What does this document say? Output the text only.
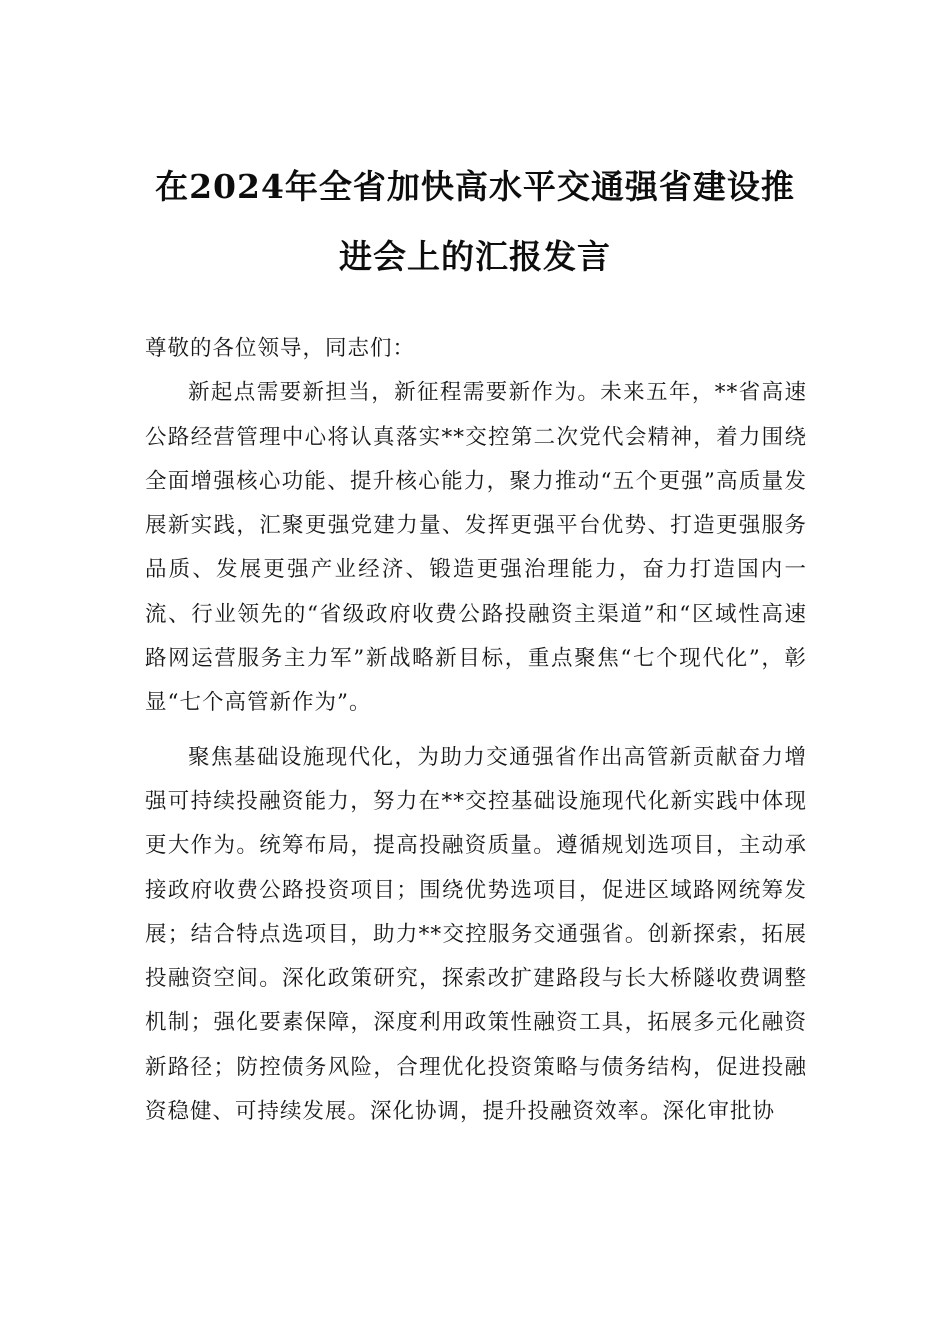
在2024年全省加快高水平交通强省建设推进会上的汇报发言

尊敬的各位领导，同志们：

新起点需要新担当，新征程需要新作为。未来五年，**省高速公路经营管理中心将认真落实**交控第二次党代会精神，着力围绕全面增强核心功能、提升核心能力，聚力推动“五个更强”高质量发展新实践，汇聚更强党建力量、发挥更强平台优势、打造更强服务品质、发展更强产业经济、锻造更强治理能力，奋力打造国内一流、行业领先的“省级政府收费公路投融资主渠道”和“区域性高速路网运营服务主力军”新战略新目标，重点聚焦“七个现代化”，彰显“七个高管新作为”。

聚焦基础设施现代化，为助力交通强省作出高管新贡献奋力增强可持续投融资能力，努力在**交控基础设施现代化新实践中体现更大作为。统筹布局，提高投融资质量。遵循规划选项目，主动承接政府收费公路投资项目；围绕优势选项目，促进区域路网统筹发展；结合特点选项目，助力**交控服务交通强省。创新探索，拓展投融资空间。深化政策研究，探索改扩建路段与长大桥隧收费调整机制；强化要素保障，深度利用政策性融资工具，拓展多元化融资新路径；防控债务风险，合理优化投资策略与债务结构，促进投融资稳健、可持续发展。深化协调，提升投融资效率。深化审批协
